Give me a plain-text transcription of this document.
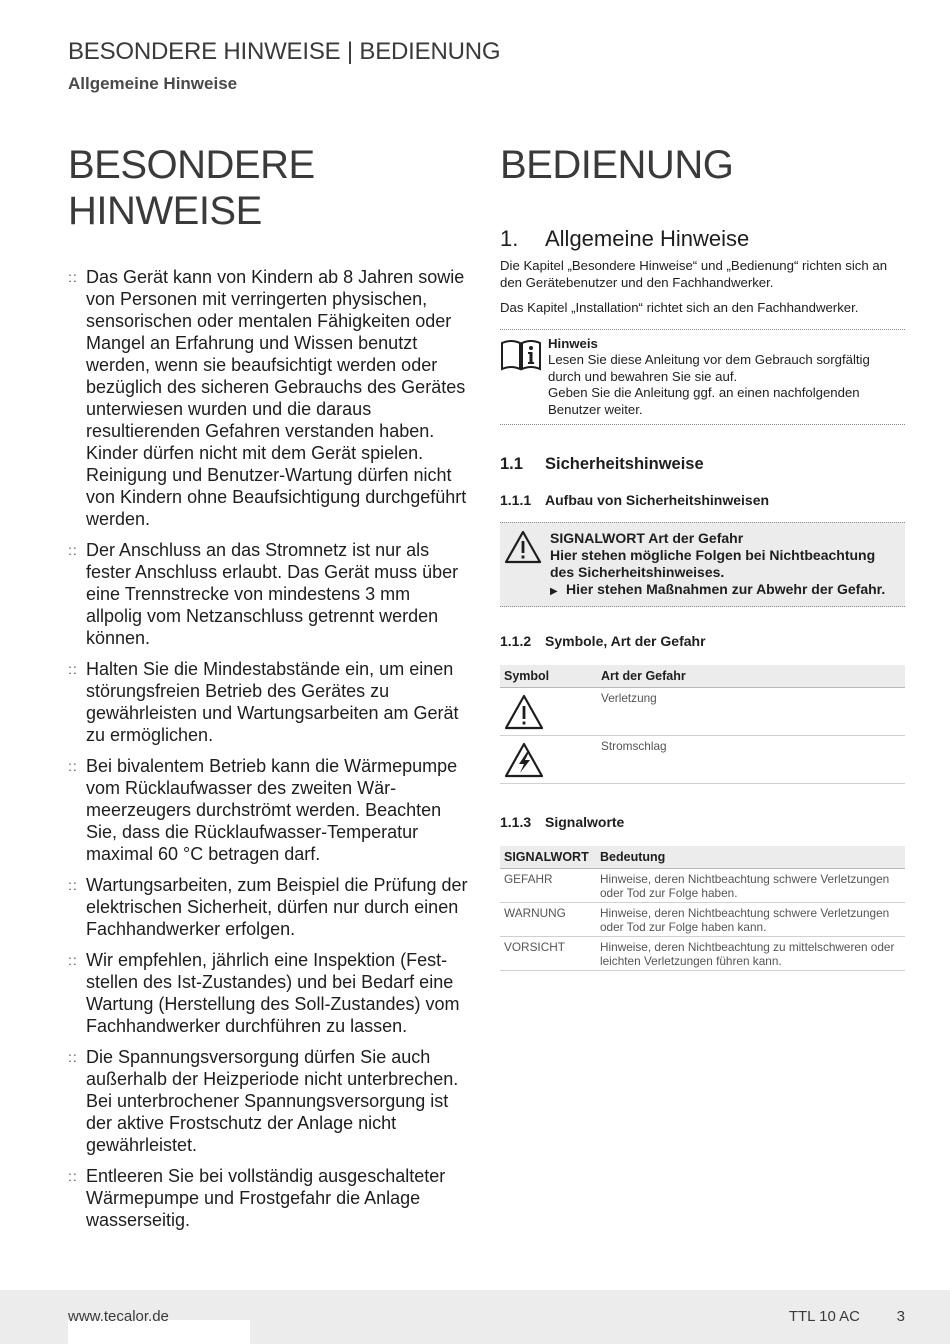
BESONDERE HINWEISE | BEDIENUNG
Allgemeine Hinweise
BESONDERE
HINWEISE
:: Das Gerät kann von Kindern ab 8 Jahren sowie von Personen mit verringerten physischen, sensorischen oder mentalen Fähigkeiten oder Mangel an Erfahrung und Wissen benutzt werden, wenn sie beaufsichtigt werden oder bezüglich des sicheren Gebrauchs des Gerätes unterwiesen wurden und die daraus resultierenden Gefahren verstanden haben. Kinder dürfen nicht mit dem Gerät spielen. Reinigung und Benutzer-Wartung dürfen nicht von Kindern ohne Beaufsichtigung durchgeführt werden.
:: Der Anschluss an das Stromnetz ist nur als fester Anschluss erlaubt. Das Gerät muss über eine Trennstrecke von mindestens 3 mm allpolig vom Netzanschluss getrennt werden können.
:: Halten Sie die Mindestabstände ein, um einen störungsfreien Betrieb des Gerätes zu gewährleisten und Wartungsarbeiten am Gerät zu ermöglichen.
:: Bei bivalentem Betrieb kann die Wärmepumpe vom Rücklaufwasser des zweiten Wärmeerzeugers durchströmt werden. Beachten Sie, dass die Rücklaufwasser-Temperatur maximal 60 °C betragen darf.
:: Wartungsarbeiten, zum Beispiel die Prüfung der elektrischen Sicherheit, dürfen nur durch einen Fachhandwerker erfolgen.
:: Wir empfehlen, jährlich eine Inspektion (Feststellen des Ist-Zustandes) und bei Bedarf eine Wartung (Herstellung des Soll-Zustandes) vom Fachhandwerker durchführen zu lassen.
:: Die Spannungsversorgung dürfen Sie auch außerhalb der Heizperiode nicht unterbrechen. Bei unterbrochener Spannungsversorgung ist der aktive Frostschutz der Anlage nicht gewährleistet.
:: Entleeren Sie bei vollständig ausgeschalteter Wärmepumpe und Frostgefahr die Anlage wasserseitig.
BEDIENUNG
1.	Allgemeine Hinweise

Die Kapitel „Besondere Hinweise“ und „Bedienung“ richten sich an den Gerätebenutzer und den Fachhandwerker.

Das Kapitel „Installation“ richtet sich an den Fachhandwerker.

Hinweis
Lesen Sie diese Anleitung vor dem Gebrauch sorgfältig durch und bewahren Sie sie auf.
Geben Sie die Anleitung ggf. an einen nachfolgenden Benutzer weiter.
1.1	Sicherheitshinweise
1.1.1 Aufbau von Sicherheitshinweisen
SIGNALWORT Art der Gefahr
Hier stehen mögliche Folgen bei Nichtbeachtung des Sicherheitshinweises.
▶ Hier stehen Maßnahmen zur Abwehr der Gefahr.
1.1.2 Symbole, Art der Gefahr
Symbol	Art der Gefahr
	Verletzung
	Stromschlag
1.1.3 Signalworte
SIGNALWORT	Bedeutung
GEFAHR	Hinweise, deren Nichtbeachtung schwere Verletzungen oder Tod zur Folge haben.
WARNUNG	Hinweise, deren Nichtbeachtung schwere Verletzungen oder Tod zur Folge haben kann.
VORSICHT	Hinweise, deren Nichtbeachtung zu mittelschweren oder leichten Verletzungen führen kann.
www.tecalor.de	TTL 10 AC 3
